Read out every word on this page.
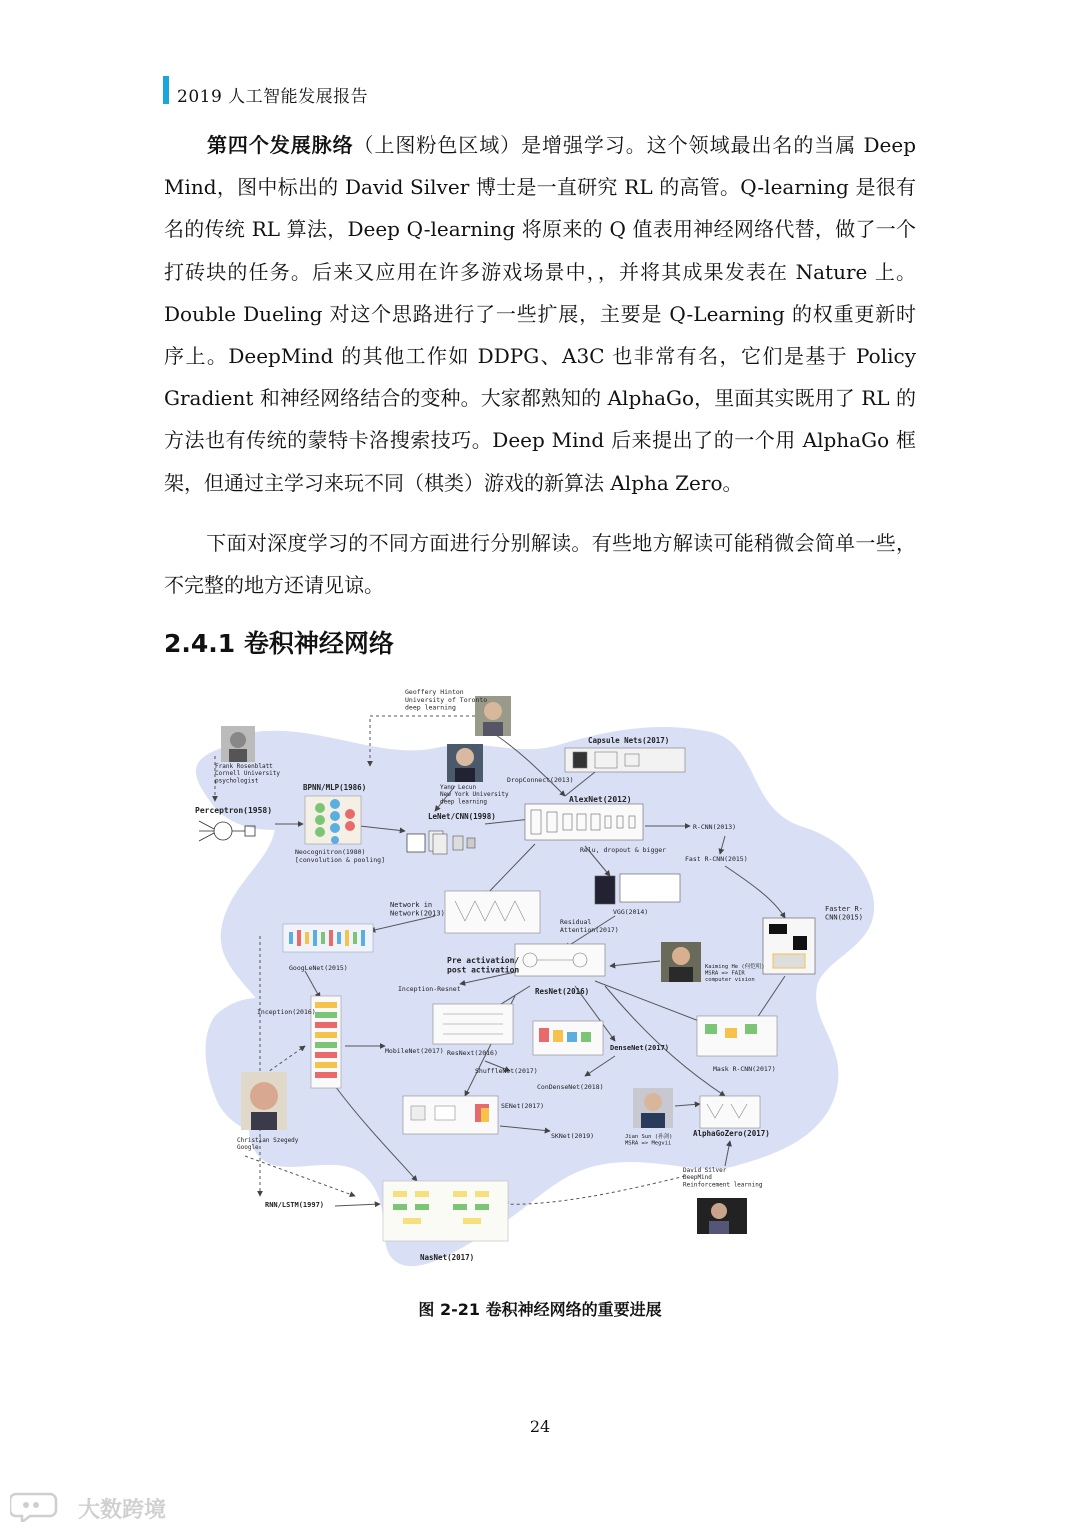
2019 人工智能发展报告

第四个发展脉络（上图粉色区域）是增强学习。这个领域最出名的当属 Deep Mind，图中标出的 David Silver 博士是一直研究 RL 的高管。Q-learning 是很有名的传统 RL 算法，Deep Q-learning 将原来的 Q 值表用神经网络代替，做了一个打砖块的任务。后来又应用在许多游戏场景中，，并将其成果发表在 Nature 上。Double Dueling 对这个思路进行了一些扩展，主要是 Q-Learning 的权重更新时序上。DeepMind 的其他工作如 DDPG、A3C 也非常有名，它们是基于 Policy Gradient 和神经网络结合的变种。大家都熟知的 AlphaGo，里面其实既用了 RL 的方法也有传统的蒙特卡洛搜索技巧。Deep Mind 后来提出了的一个用 AlphaGo 框架，但通过主学习来玩不同（棋类）游戏的新算法 Alpha Zero。

下面对深度学习的不同方面进行分别解读。有些地方解读可能稍微会简单一些，不完整的地方还请见谅。

2.4.1 卷积神经网络
Geoffery Hinton University of Toronto deep learning
Frank Rosenblatt Cornell University psychologist
Yann Lecun New York University deep learning
Capsule Nets(2017)
DropConnect(2013)
AlexNet(2012)
BPNN/MLP(1986)
Perceptron(1958)
LeNet/CNN(1998)
Neocognitron(1980) [convolution & pooling]
R-CNN(2013)
Relu, dropout & bigger
Fast R-CNN(2015)
Faster R-CNN(2015)
Network in Network(2013)	VGG(2014)
Residual Attention(2017)
Pre activation/ post activation
GoogLeNet(2015)	Kaiming He (何恺明) MSRA => FAIR computer vision
Inception-Resnet	ResNet(2016)
Inception(2016)
MobileNet(2017) ResNext(2016)
DenseNet(2017)
ShuffleNet(2017)	Mask R-CNN(2017)
ConDenseNet(2018)
SENet(2017)
SKNet(2019)	Jian Sun (孙剑) MSRA => Megvii
AlphaGoZero(2017)
Christian Szegedy Google
David Silver DeepMind Reinforcement learning
RNN/LSTM(1997)
NasNet(2017)
图 2-21 卷积神经网络的重要进展
24
大数跨境
